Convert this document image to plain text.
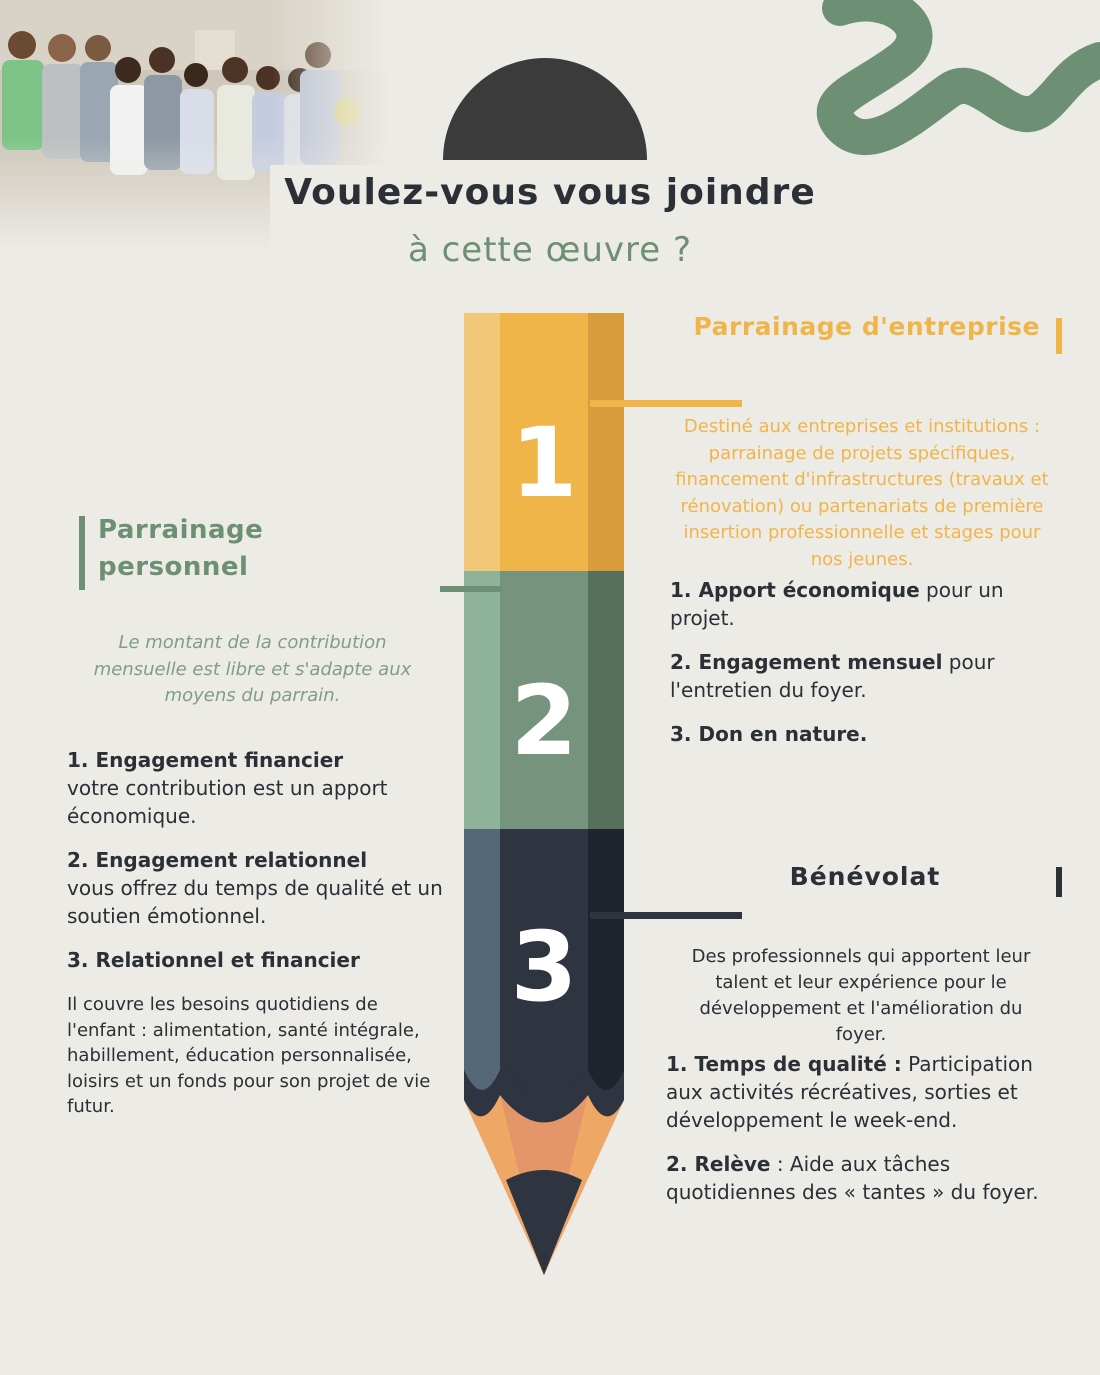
Voulez-vous vous joindre
à cette œuvre ?
1
2
3
Parrainage d'entreprise
Destiné aux entreprises et institutions : parrainage de projets spécifiques, financement d'infrastructures (travaux et rénovation) ou partenariats de première insertion professionnelle et stages pour nos jeunes.

1. Apport économique pour un projet.

2. Engagement mensuel pour l'entretien du foyer.

3. Don en nature.

Parrainage
personnel
Le montant de la contribution mensuelle est libre et s'adapte aux moyens du parrain.

1. Engagement financier
votre contribution est un apport économique.

2. Engagement relationnel
vous offrez du temps de qualité et un soutien émotionnel.

3. Relationnel et financier

Il couvre les besoins quotidiens de l'enfant : alimentation, santé intégrale, habillement, éducation personnalisée, loisirs et un fonds pour son projet de vie futur.
Bénévolat
Des professionnels qui apportent leur talent et leur expérience pour le développement et l'amélioration du foyer.

1. Temps de qualité : Participation aux activités récréatives, sorties et développement le week-end.

2. Relève : Aide aux tâches quotidiennes des « tantes » du foyer.
